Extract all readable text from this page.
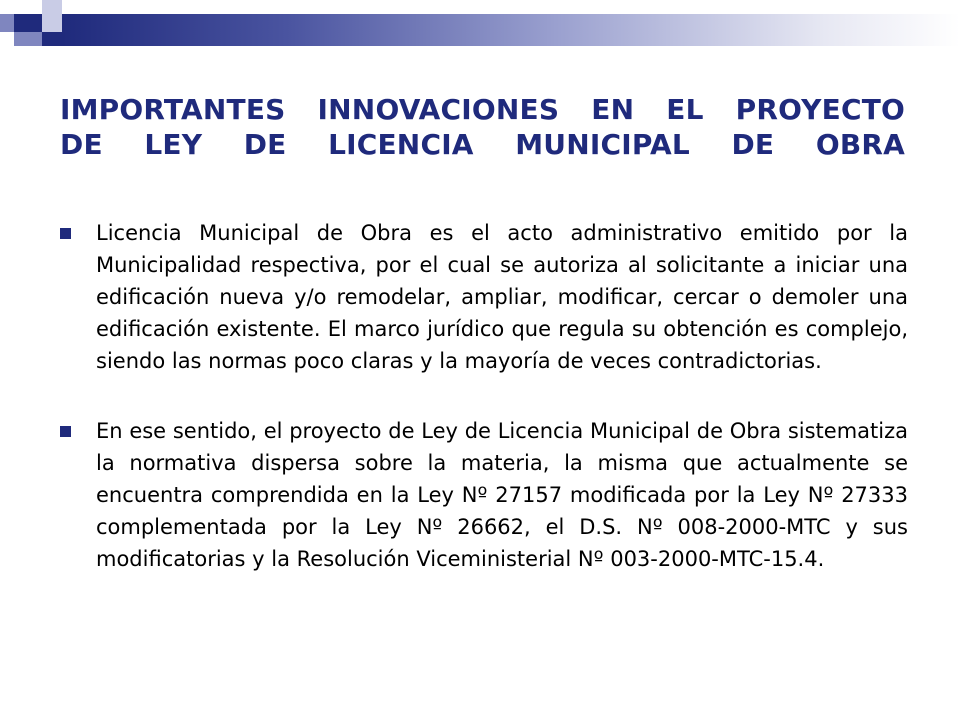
IMPORTANTES INNOVACIONES EN EL PROYECTO
DE LEY DE LICENCIA MUNICIPAL DE OBRA
Licencia Municipal de Obra es el acto administrativo emitido por la Municipalidad respectiva, por el cual se autoriza al solicitante a iniciar una edificación nueva y/o remodelar, ampliar, modificar, cercar o demoler una edificación existente. El marco jurídico que regula su obtención es complejo, siendo las normas poco claras y la mayoría de veces contradictorias.
En ese sentido, el proyecto de Ley de Licencia Municipal de Obra sistematiza la normativa dispersa sobre la materia, la misma que actualmente se encuentra comprendida en la Ley Nº 27157 modificada por la Ley Nº 27333 complementada por la Ley Nº 26662, el D.S. Nº 008-2000-MTC y sus modificatorias y la Resolución Viceministerial Nº 003-2000-MTC-15.4.
